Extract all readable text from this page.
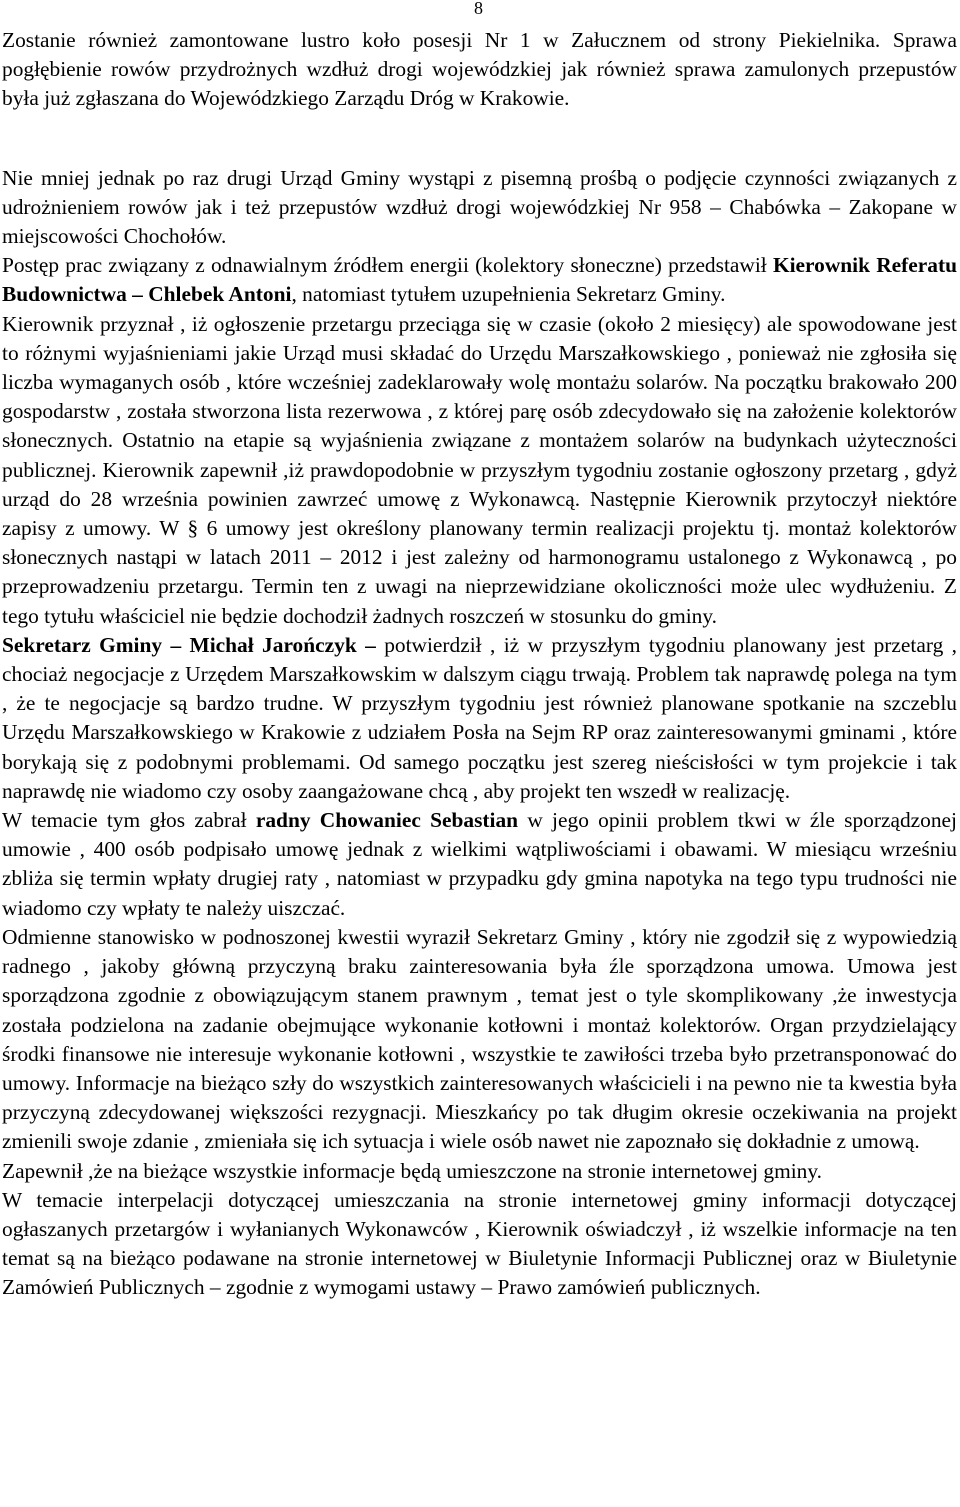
8

Zostanie również zamontowane lustro koło posesji Nr 1 w Załucznem od strony Piekielnika. Sprawa pogłębienie rowów przydrożnych wzdłuż drogi wojewódzkiej jak również sprawa zamulonych przepustów była już zgłaszana do Wojewódzkiego Zarządu Dróg w Krakowie.

Nie mniej jednak po raz drugi Urząd Gminy wystąpi z pisemną prośbą o podjęcie czynności związanych z udrożnieniem rowów jak i też przepustów wzdłuż drogi wojewódzkiej Nr 958 – Chabówka – Zakopane w miejscowości Chochołów.

Postęp prac związany z odnawialnym źródłem energii (kolektory słoneczne) przedstawił Kierownik Referatu Budownictwa – Chlebek Antoni, natomiast tytułem uzupełnienia Sekretarz Gminy.

Kierownik przyznał , iż ogłoszenie przetargu przeciąga się w czasie (około 2 miesięcy) ale spowodowane jest to różnymi wyjaśnieniami jakie Urząd musi składać do Urzędu Marszałkowskiego , ponieważ nie zgłosiła się liczba wymaganych osób , które wcześniej zadeklarowały wolę montażu solarów. Na początku brakowało 200 gospodarstw , została stworzona lista rezerwowa , z której parę osób zdecydowało się na założenie kolektorów słonecznych. Ostatnio na etapie są wyjaśnienia związane z montażem solarów na budynkach użyteczności publicznej. Kierownik zapewnił ,iż prawdopodobnie w przyszłym tygodniu zostanie ogłoszony przetarg , gdyż urząd do 28 września powinien zawrzeć umowę z Wykonawcą. Następnie Kierownik przytoczył niektóre zapisy z umowy. W § 6 umowy jest określony planowany termin realizacji projektu tj. montaż kolektorów słonecznych nastąpi w latach 2011 – 2012 i jest zależny od harmonogramu ustalonego z Wykonawcą , po przeprowadzeniu przetargu. Termin ten z uwagi na nieprzewidziane okoliczności może ulec wydłużeniu. Z tego tytułu właściciel nie będzie dochodził żadnych roszczeń w stosunku do gminy.

Sekretarz Gminy – Michał Jarończyk – potwierdził , iż w przyszłym tygodniu planowany jest przetarg , chociaż negocjacje z Urzędem Marszałkowskim w dalszym ciągu trwają. Problem tak naprawdę polega na tym , że te negocjacje są bardzo trudne. W przyszłym tygodniu jest również planowane spotkanie na szczeblu Urzędu Marszałkowskiego w Krakowie z udziałem Posła na Sejm RP oraz zainteresowanymi gminami , które borykają się z podobnymi problemami. Od samego początku jest szereg nieścisłości w tym projekcie i tak naprawdę nie wiadomo czy osoby zaangażowane chcą , aby projekt ten wszedł w realizację.

W temacie tym głos zabrał radny Chowaniec Sebastian w jego opinii problem tkwi w źle sporządzonej umowie , 400 osób podpisało umowę jednak z wielkimi wątpliwościami i obawami. W miesiącu wrześniu zbliża się termin wpłaty drugiej raty , natomiast w przypadku gdy gmina napotyka na tego typu trudności nie wiadomo czy wpłaty te należy uiszczać.

Odmienne stanowisko w podnoszonej kwestii wyraził Sekretarz Gminy , który nie zgodził się z wypowiedzią radnego , jakoby główną przyczyną braku zainteresowania była źle sporządzona umowa. Umowa jest sporządzona zgodnie z obowiązującym stanem prawnym , temat jest o tyle skomplikowany ,że inwestycja została podzielona na zadanie obejmujące wykonanie kotłowni i montaż kolektorów. Organ przydzielający środki finansowe nie interesuje wykonanie kotłowni , wszystkie te zawiłości trzeba było przetransponować do umowy. Informacje na bieżąco szły do wszystkich zainteresowanych właścicieli i na pewno nie ta kwestia była przyczyną zdecydowanej większości rezygnacji. Mieszkańcy po tak długim okresie oczekiwania na projekt zmienili swoje zdanie , zmieniała się ich sytuacja i wiele osób nawet nie zapoznało się dokładnie z umową.

Zapewnił ,że na bieżące wszystkie informacje będą umieszczone na stronie internetowej gminy.

W temacie interpelacji dotyczącej umieszczania na stronie internetowej gminy informacji dotyczącej ogłaszanych przetargów i wyłanianych Wykonawców , Kierownik oświadczył , iż wszelkie informacje na ten temat są na bieżąco podawane na stronie internetowej w Biuletynie Informacji Publicznej oraz w Biuletynie Zamówień Publicznych – zgodnie z wymogami ustawy – Prawo zamówień publicznych.
